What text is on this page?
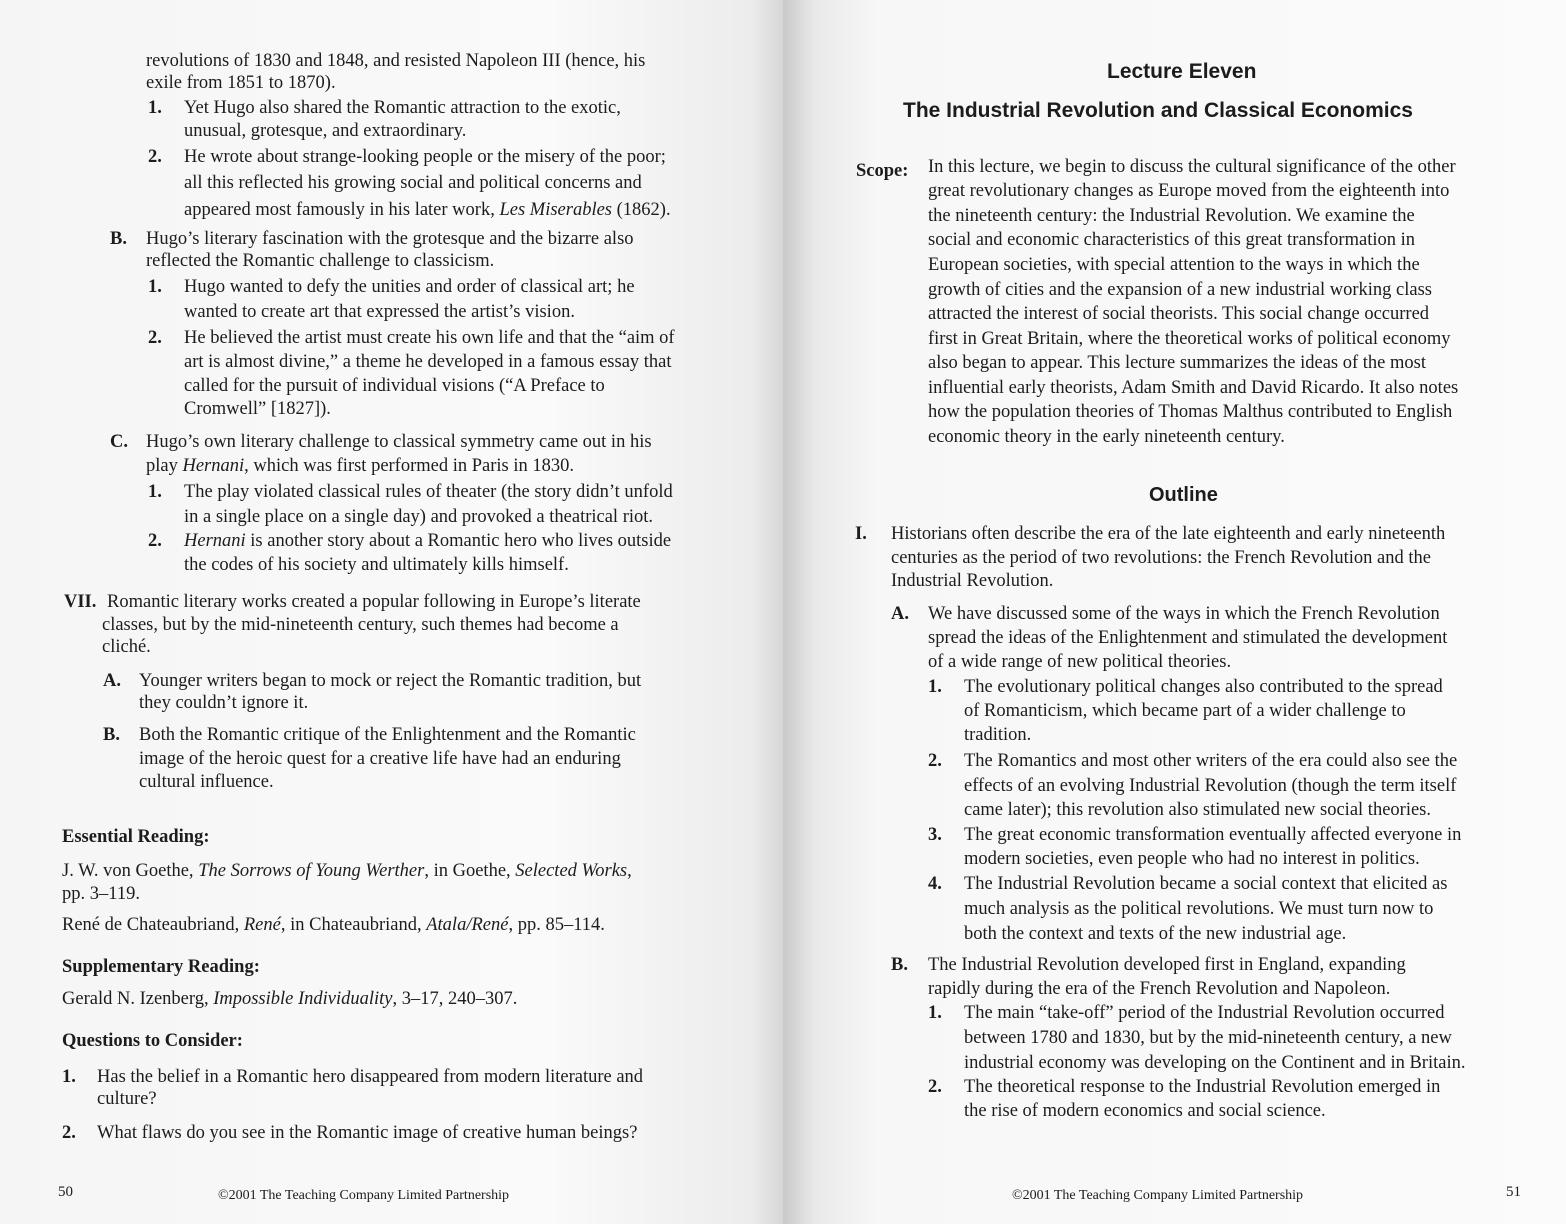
revolutions of 1830 and 1848, and resisted Napoleon III (hence, his
exile from 1851 to 1870).
1. Yet Hugo also shared the Romantic attraction to the exotic,
unusual, grotesque, and extraordinary.
2. He wrote about strange-looking people or the misery of the poor;
all this reflected his growing social and political concerns and
appeared most famously in his later work, Les Miserables (1862).
B. Hugo’s literary fascination with the grotesque and the bizarre also
reflected the Romantic challenge to classicism.
1. Hugo wanted to defy the unities and order of classical art; he
wanted to create art that expressed the artist’s vision.
2. He believed the artist must create his own life and that the “aim of
art is almost divine,” a theme he developed in a famous essay that
called for the pursuit of individual visions (“A Preface to
Cromwell” [1827]).
C. Hugo’s own literary challenge to classical symmetry came out in his
play Hernani, which was first performed in Paris in 1830.
1. The play violated classical rules of theater (the story didn’t unfold
in a single place on a single day) and provoked a theatrical riot.
2. Hernani is another story about a Romantic hero who lives outside
the codes of his society and ultimately kills himself.
VII. Romantic literary works created a popular following in Europe’s literate
classes, but by the mid-nineteenth century, such themes had become a
cliché.
A. Younger writers began to mock or reject the Romantic tradition, but
they couldn’t ignore it.
B. Both the Romantic critique of the Enlightenment and the Romantic
image of the heroic quest for a creative life have had an enduring
cultural influence.
Essential Reading:
J. W. von Goethe, The Sorrows of Young Werther, in Goethe, Selected Works,
pp. 3–119.
René de Chateaubriand, René, in Chateaubriand, Atala/René, pp. 85–114.
Supplementary Reading:
Gerald N. Izenberg, Impossible Individuality, 3–17, 240–307.
Questions to Consider:
1. Has the belief in a Romantic hero disappeared from modern literature and
culture?
2. What flaws do you see in the Romantic image of creative human beings?
50	©2001 The Teaching Company Limited Partnership
Lecture Eleven
The Industrial Revolution and Classical Economics
Scope: In this lecture, we begin to discuss the cultural significance of the other
great revolutionary changes as Europe moved from the eighteenth into
the nineteenth century: the Industrial Revolution. We examine the
social and economic characteristics of this great transformation in
European societies, with special attention to the ways in which the
growth of cities and the expansion of a new industrial working class
attracted the interest of social theorists. This social change occurred
first in Great Britain, where the theoretical works of political economy
also began to appear. This lecture summarizes the ideas of the most
influential early theorists, Adam Smith and David Ricardo. It also notes
how the population theories of Thomas Malthus contributed to English
economic theory in the early nineteenth century.
Outline
I. Historians often describe the era of the late eighteenth and early nineteenth
centuries as the period of two revolutions: the French Revolution and the
Industrial Revolution.
A. We have discussed some of the ways in which the French Revolution
spread the ideas of the Enlightenment and stimulated the development
of a wide range of new political theories.
1. The evolutionary political changes also contributed to the spread
of Romanticism, which became part of a wider challenge to
tradition.
2. The Romantics and most other writers of the era could also see the
effects of an evolving Industrial Revolution (though the term itself
came later); this revolution also stimulated new social theories.
3. The great economic transformation eventually affected everyone in
modern societies, even people who had no interest in politics.
4. The Industrial Revolution became a social context that elicited as
much analysis as the political revolutions. We must turn now to
both the context and texts of the new industrial age.
B. The Industrial Revolution developed first in England, expanding
rapidly during the era of the French Revolution and Napoleon.
1. The main “take-off” period of the Industrial Revolution occurred
between 1780 and 1830, but by the mid-nineteenth century, a new
industrial economy was developing on the Continent and in Britain.
2. The theoretical response to the Industrial Revolution emerged in
the rise of modern economics and social science.
©2001 The Teaching Company Limited Partnership	51
